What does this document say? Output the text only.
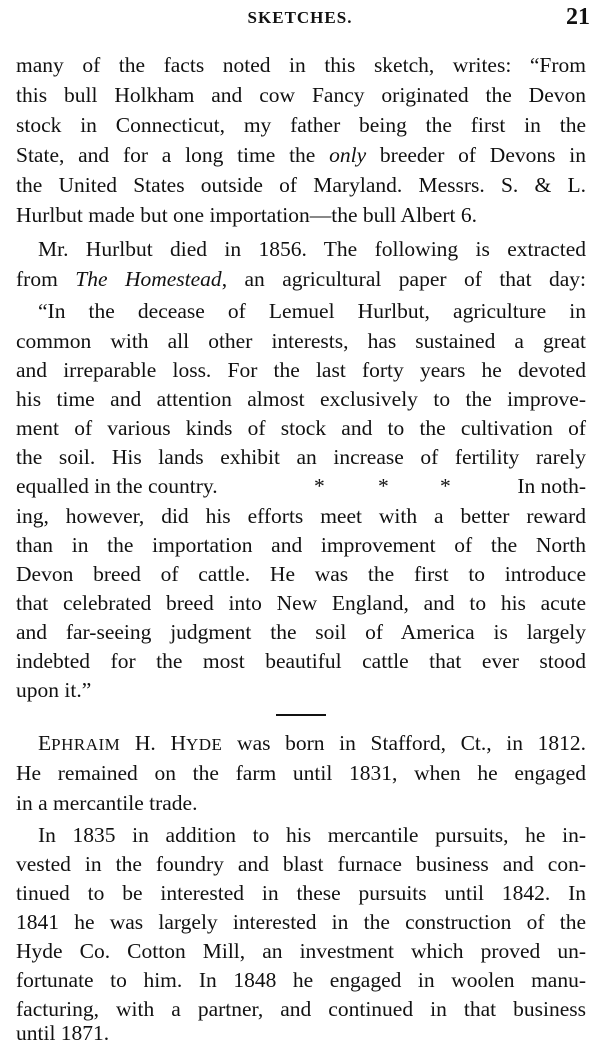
SKETCHES.	21
many of the facts noted in this sketch, writes: “From
this bull Holkham and cow Fancy originated the Devon
stock in Connecticut, my father being the first in the
State, and for a long time the only breeder of Devons in
the United States outside of Maryland. Messrs. S. & L.
Hurlbut made but one importation—the bull Albert 6.
Mr. Hurlbut died in 1856. The following is extracted
from The Homestead, an agricultural paper of that day:
“In the decease of Lemuel Hurlbut, agriculture in
common with all other interests, has sustained a great
and irreparable loss. For the last forty years he devoted
his time and attention almost exclusively to the improve-
ment of various kinds of stock and to the cultivation of
the soil. His lands exhibit an increase of fertility rarely
equalled in the country.	* * *	In noth-
ing, however, did his efforts meet with a better reward
than in the importation and improvement of the North
Devon breed of cattle. He was the first to introduce
that celebrated breed into New England, and to his acute
and far-seeing judgment the soil of America is largely
indebted for the most beautiful cattle that ever stood
upon it.”
EPHRAIM H. HYDE was born in Stafford, Ct., in 1812.
He remained on the farm until 1831, when he engaged
in a mercantile trade.
In 1835 in addition to his mercantile pursuits, he in-
vested in the foundry and blast furnace business and con-
tinued to be interested in these pursuits until 1842. In
1841 he was largely interested in the construction of the
Hyde Co. Cotton Mill, an investment which proved un-
fortunate to him. In 1848 he engaged in woolen manu-
facturing, with a partner, and continued in that business
until 1871.
